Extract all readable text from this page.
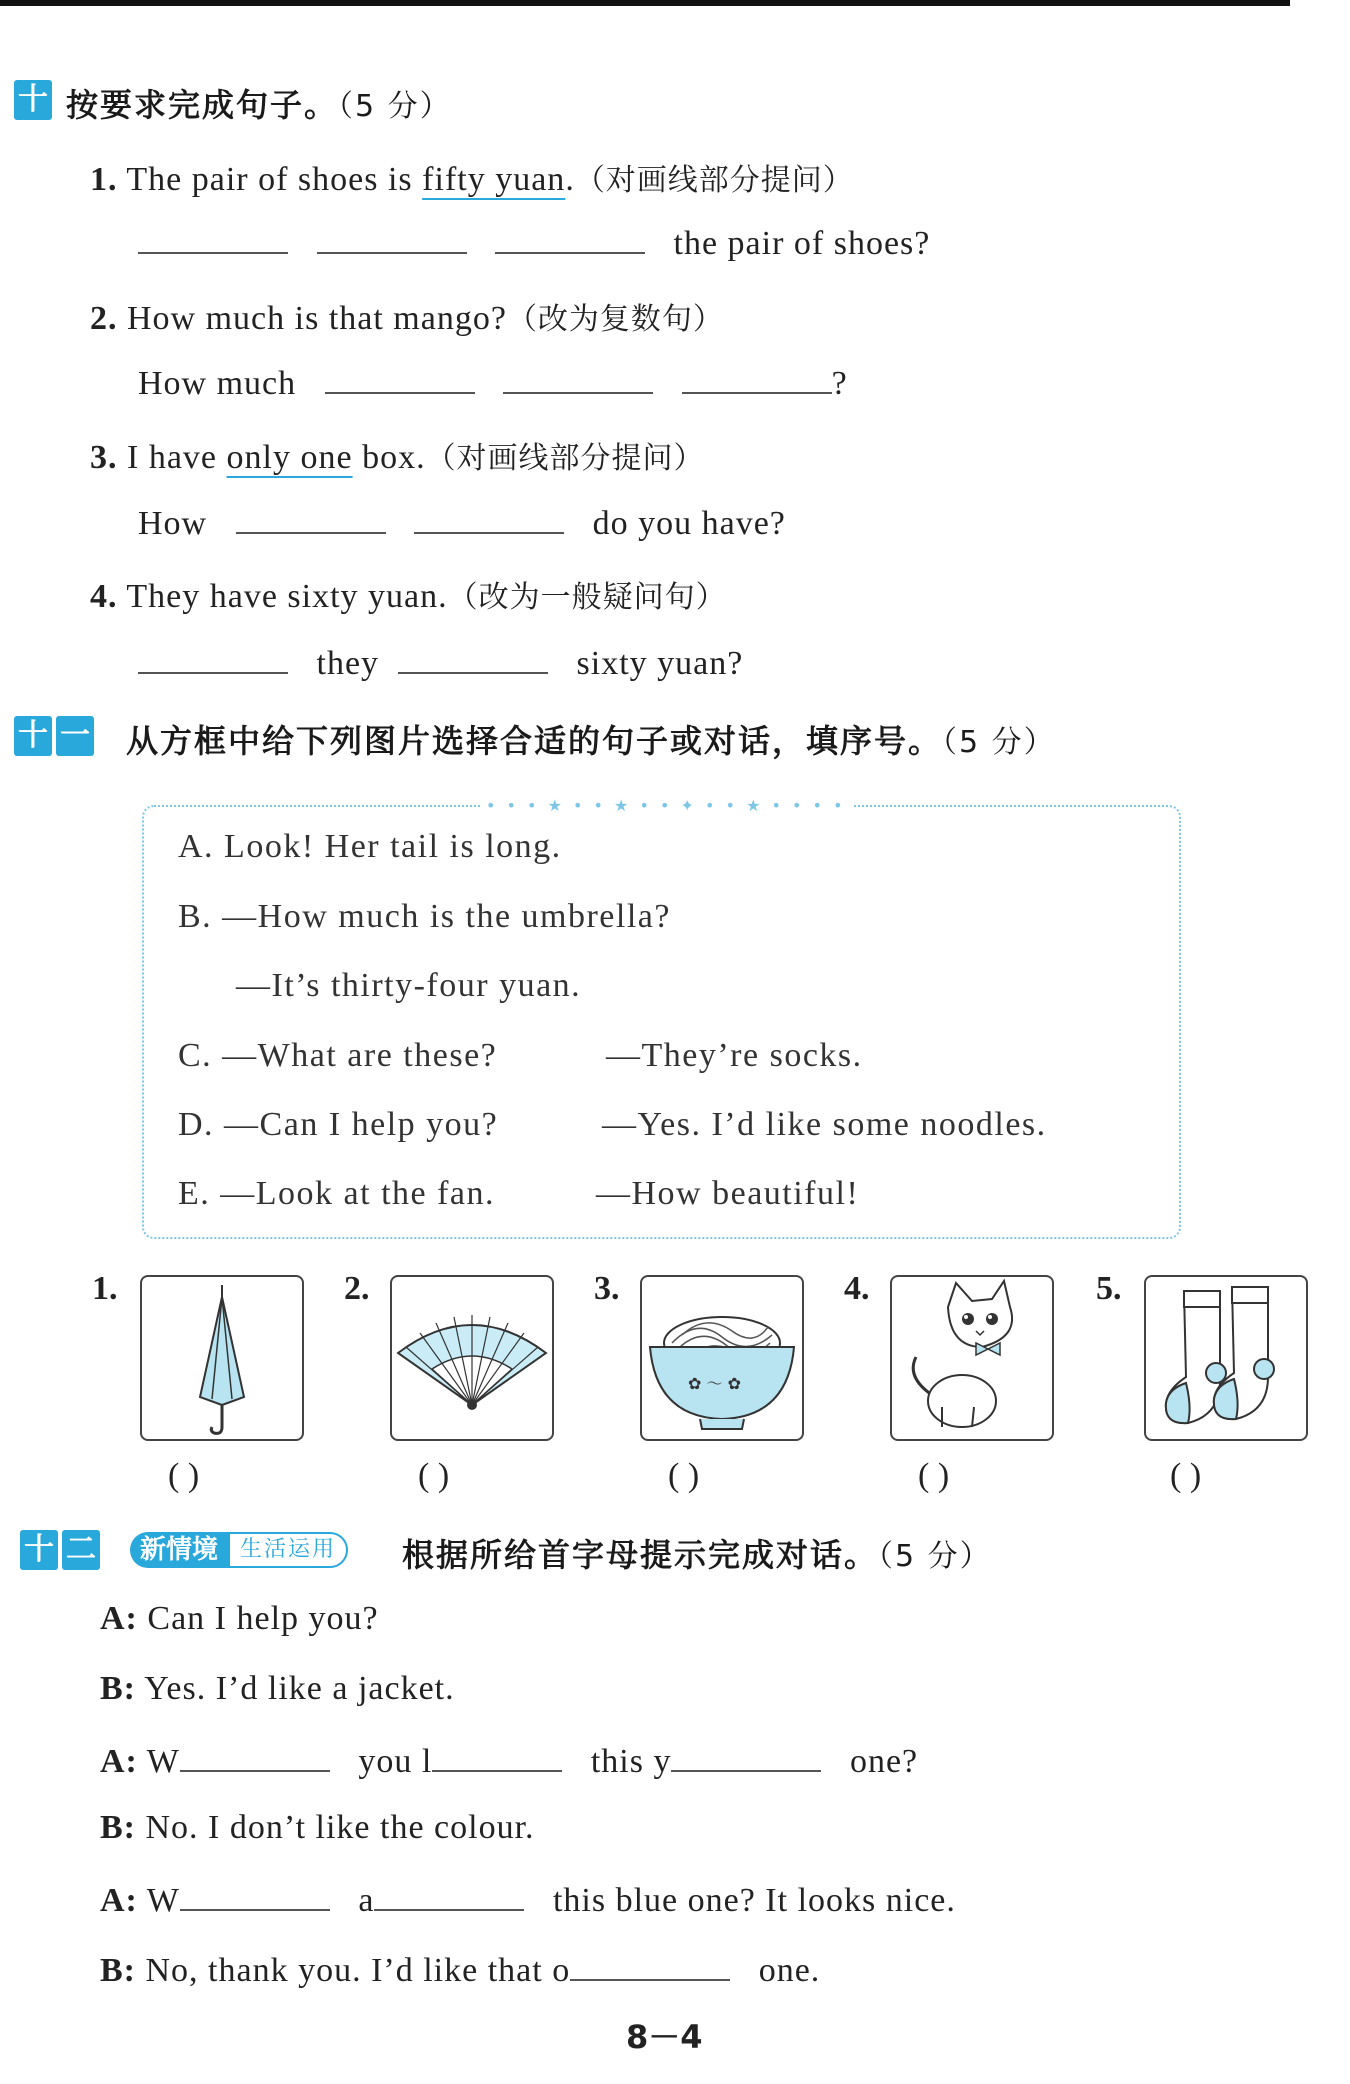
十 按要求完成句子。（5 分）
1. The pair of shoes is fifty yuan.（对画线部分提问）
the pair of shoes?
2. How much is that mango?（改为复数句）
How much	?
3. I have only one box.（对画线部分提问）
How	do you have?
4. They have sixty yuan.（改为一般疑问句）
they	sixty yuan?
十 一 从方框中给下列图片选择合适的句子或对话，填序号。（5 分）
• • • ★ • • ★ • • ✦ • • ★ • • • •
A. Look! Her tail is long.
B. —How much is the umbrella?
—It’s thirty-four yuan.
C. —What are these?	—They’re socks.
D. —Can I help you?	—Yes. I’d like some noodles.
E. —Look at the fan.	—How beautiful!
1.
( )
2.
( )
3.
✿ ～ ✿
( )
4.
( )
5.
( )
十 二	新情境	生活运用	根据所给首字母提示完成对话。（5 分）
A: Can I help you?
B: Yes. I’d like a jacket.
A: W	you l	this y	one?
B: No. I don’t like the colour.
A: W	a	this blue one? It looks nice.
B: No, thank you. I’d like that o	one.
8－4
